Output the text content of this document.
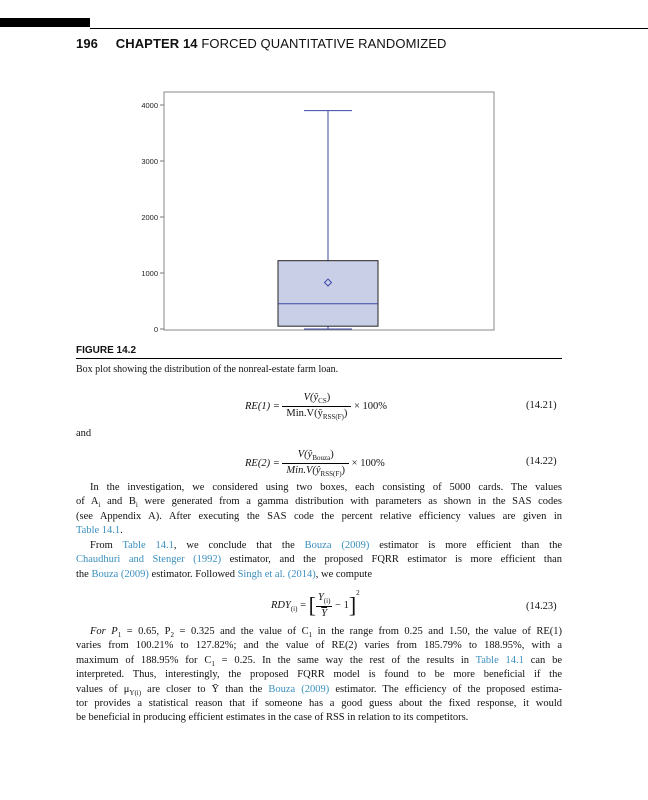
196 CHAPTER 14 FORCED QUANTITATIVE RANDOMIZED
0
1000
2000
3000
4000
FIGURE 14.2
Box plot showing the distribution of the nonreal-estate farm loan.
$RE(1) = \frac{V(ŷ_{CS})}{Min.V(ŷ_{RSS(F)})} \times 100\%$	(14.21)
and
$RE(2) = \frac{V(ŷ_{Bouza})}{Min.V(ŷ_{RSS(F)})} \times 100\%$	(14.22)
In the investigation, we considered using two boxes, each consisting of 5000 cards. The values
of $A_i$ and $B_i$ were generated from a gamma distribution with parameters as shown in the SAS codes
(see Appendix A). After executing the SAS code the percent relative efficiency values are given in
Table 14.1.
From Table 14.1, we conclude that the Bouza (2009) estimator is more efficient than the
Chaudhuri and Stenger (1992) estimator, and the proposed FQRR estimator is more efficient than
the Bouza (2009) estimator. Followed Singh et al. (2014), we compute
$RDY_{(i)}$ = [ $\frac{Y_{(i)}}{Y} - 1]^2$
(14.23)
For $P_1 = 0.65$, $P_2 = 0.325$ and the value of $C_1$ in the range from 0.25 and 1.50, the value of RE(1)
varies from 100.21% to 127.82%; and the value of RE(2) varies from 185.79% to 188.95%, with a
maximum of 188.95% for $C_1 = 0.25$. In the same way the rest of the results in Table 14.1 can be
interpreted. Thus, interestingly, the proposed FQRR model is found to be more beneficial if the
values of $\mu_{Y(i)}$ are closer to Ȳ than the Bouza (2009) estimator. The efficiency of the proposed estima-
tor provides a statistical reason that if someone has a good guess about the fixed response, it would
be beneficial in producing efficient estimates in the case of RSS in relation to its competitors.
